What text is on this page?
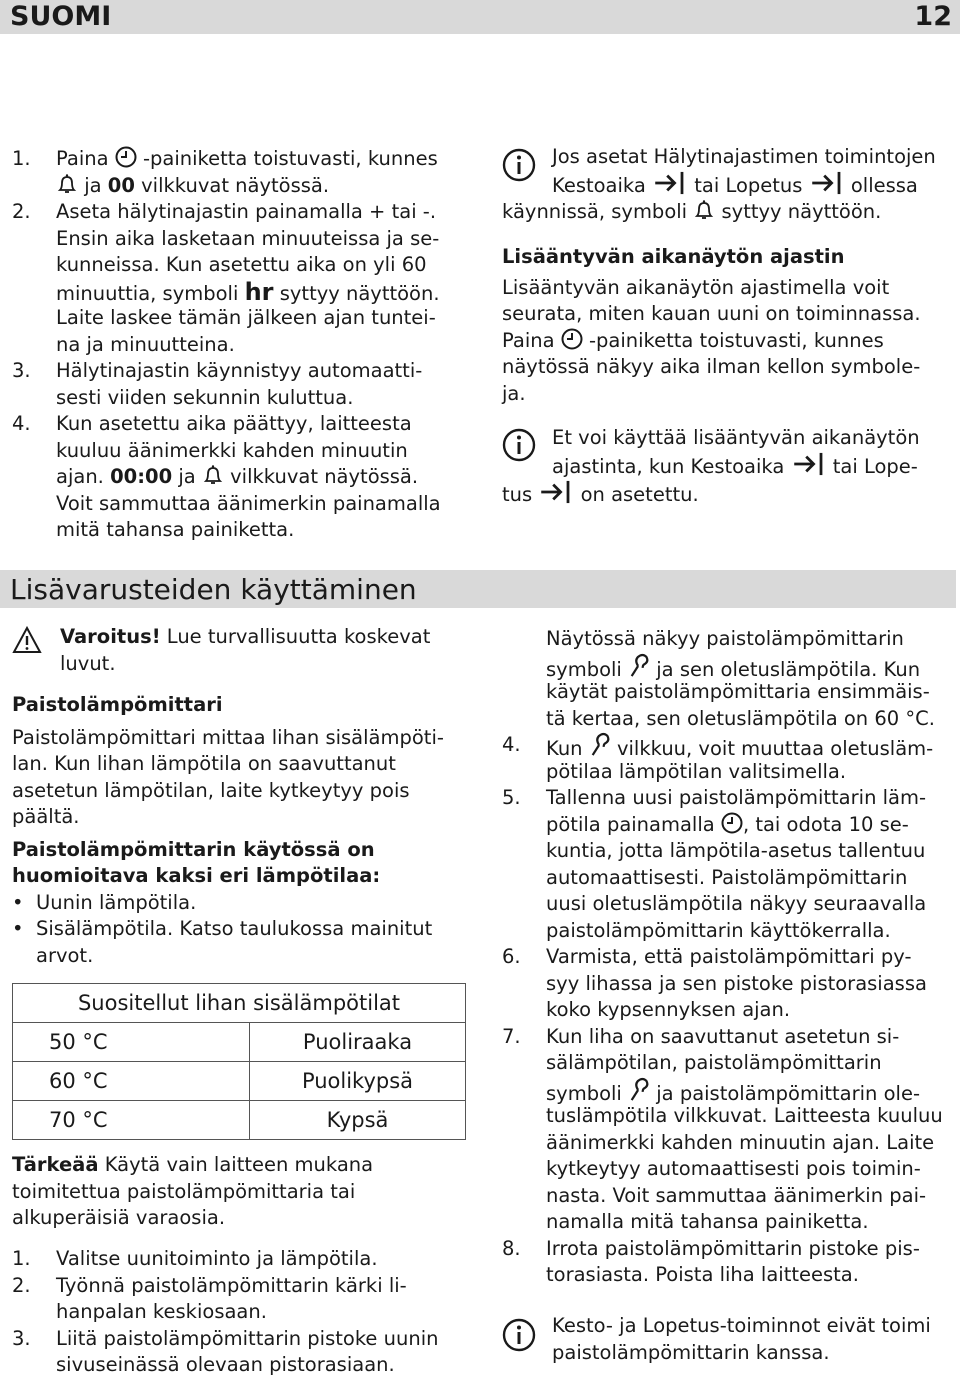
SUOMI	12
1. Paina -painiketta toistuvasti, kunnes
ja 00 vilkkuvat näytössä.
2. Aseta hälytinajastin painamalla + tai -.
Ensin aika lasketaan minuuteissa ja se-
kunneissa. Kun asetettu aika on yli 60
minuuttia, symboli hr syttyy näyttöön.
Laite laskee tämän jälkeen ajan tuntei-
na ja minuutteina.
3. Hälytinajastin käynnistyy automaatti-
sesti viiden sekunnin kuluttua.
4. Kun asetettu aika päättyy, laitteesta
kuuluu äänimerkki kahden minuutin
ajan. 00:00 ja vilkkuvat näytössä.
Voit sammuttaa äänimerkin painamalla
mitä tahansa painiketta.
Jos asetat Hälytinajastimen toimintojen
Kestoaika tai Lopetus ollessa
käynnissä, symboli syttyy näyttöön.
Lisääntyvän aikanäytön ajastin
Lisääntyvän aikanäytön ajastimella voit
seurata, miten kauan uuni on toiminnassa.
Paina -painiketta toistuvasti, kunnes
näytössä näkyy aika ilman kellon symbole-
ja.
Et voi käyttää lisääntyvän aikanäytön
ajastinta, kun Kestoaika tai Lope-
tus on asetettu.
Lisävarusteiden käyttäminen
Varoitus! Lue turvallisuutta koskevat
luvut.
Paistolämpömittari
Paistolämpömittari mittaa lihan sisälämpöti-
lan. Kun lihan lämpötila on saavuttanut
asetetun lämpötilan, laite kytkeytyy pois
päältä.
Paistolämpömittarin käytössä on
huomioitava kaksi eri lämpötilaa:
• Uunin lämpötila.
• Sisälämpötila. Katso taulukossa mainitut
arvot.
Suositellut lihan sisälämpötilat	
50 °C	Puoliraaka
60 °C	Puolikypsä
70 °C	Kypsä
Tärkeää Käytä vain laitteen mukana
toimitettua paistolämpömittaria tai
alkuperäisiä varaosia.
1. Valitse uunitoiminto ja lämpötila.
2. Työnnä paistolämpömittarin kärki li-
hanpalan keskiosaan.
3. Liitä paistolämpömittarin pistoke uunin
sivuseinässä olevaan pistorasiaan.
Näytössä näkyy paistolämpömittarin
symboli ja sen oletuslämpötila. Kun
käytät paistolämpömittaria ensimmäis-
tä kertaa, sen oletuslämpötila on 60 °C.
4. Kun vilkkuu, voit muuttaa oletusläm-
pötilaa lämpötilan valitsimella.
5. Tallenna uusi paistolämpömittarin läm-
pötila painamalla , tai odota 10 se-
kuntia, jotta lämpötila-asetus tallentuu
automaattisesti. Paistolämpömittarin
uusi oletuslämpötila näkyy seuraavalla
paistolämpömittarin käyttökerralla.
6. Varmista, että paistolämpömittari py-
syy lihassa ja sen pistoke pistorasiassa
koko kypsennyksen ajan.
7. Kun liha on saavuttanut asetetun si-
sälämpötilan, paistolämpömittarin
symboli ja paistolämpömittarin ole-
tuslämpötila vilkkuvat. Laitteesta kuuluu
äänimerkki kahden minuutin ajan. Laite
kytkeytyy automaattisesti pois toimin-
nasta. Voit sammuttaa äänimerkin pai-
namalla mitä tahansa painiketta.
8. Irrota paistolämpömittarin pistoke pis-
torasiasta. Poista liha laitteesta.
Kesto- ja Lopetus-toiminnot eivät toimi
paistolämpömittarin kanssa.
